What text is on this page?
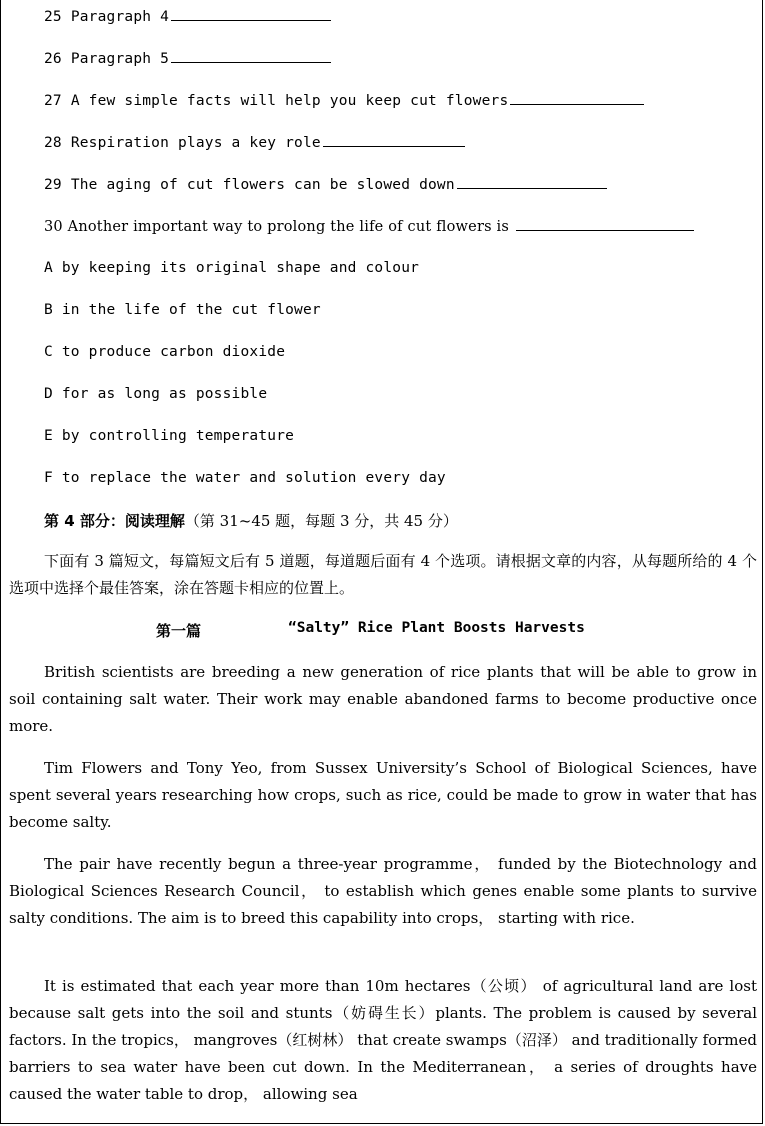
25 Paragraph 4
26 Paragraph 5
27 A few simple facts will help you keep cut flowers
28 Respiration plays a key role
29 The aging of cut flowers can be slowed down
30 Another important way to prolong the life of cut flowers is
A by keeping its original shape and colour
B in the life of the cut flower
C to produce carbon dioxide
D for as long as possible
E by controlling temperature
F to replace the water and solution every day
第 4 部分：阅读理解（第 31~45 题，每题 3 分，共 45 分）
下面有 3 篇短文，每篇短文后有 5 道题，每道题后面有 4 个选项。请根据文章的内容，从每题所给的 4 个选项中选择个最佳答案，涂在答题卡相应的位置上。
第一篇	“Salty” Rice Plant Boosts Harvests
British scientists are breeding a new generation of rice plants that will be able to grow in soil containing salt water. Their work may enable abandoned farms to become productive once more.
Tim Flowers and Tony Yeo, from Sussex University’s School of Biological Sciences, have spent several years researching how crops, such as rice, could be made to grow in water that has become salty.
The pair have recently begun a three-year programme， funded by the Biotechnology and Biological Sciences Research Council， to establish which genes enable some plants to survive salty conditions. The aim is to breed this capability into crops， starting with rice.
It is estimated that each year more than 10m hectares（公顷） of agricultural land are lost because salt gets into the soil and stunts（妨碍生长）plants. The problem is caused by several factors. In the tropics， mangroves（红树林） that create swamps（沼泽） and traditionally formed barriers to sea water have been cut down. In the Mediterranean， a series of droughts have caused the water table to drop， allowing sea
